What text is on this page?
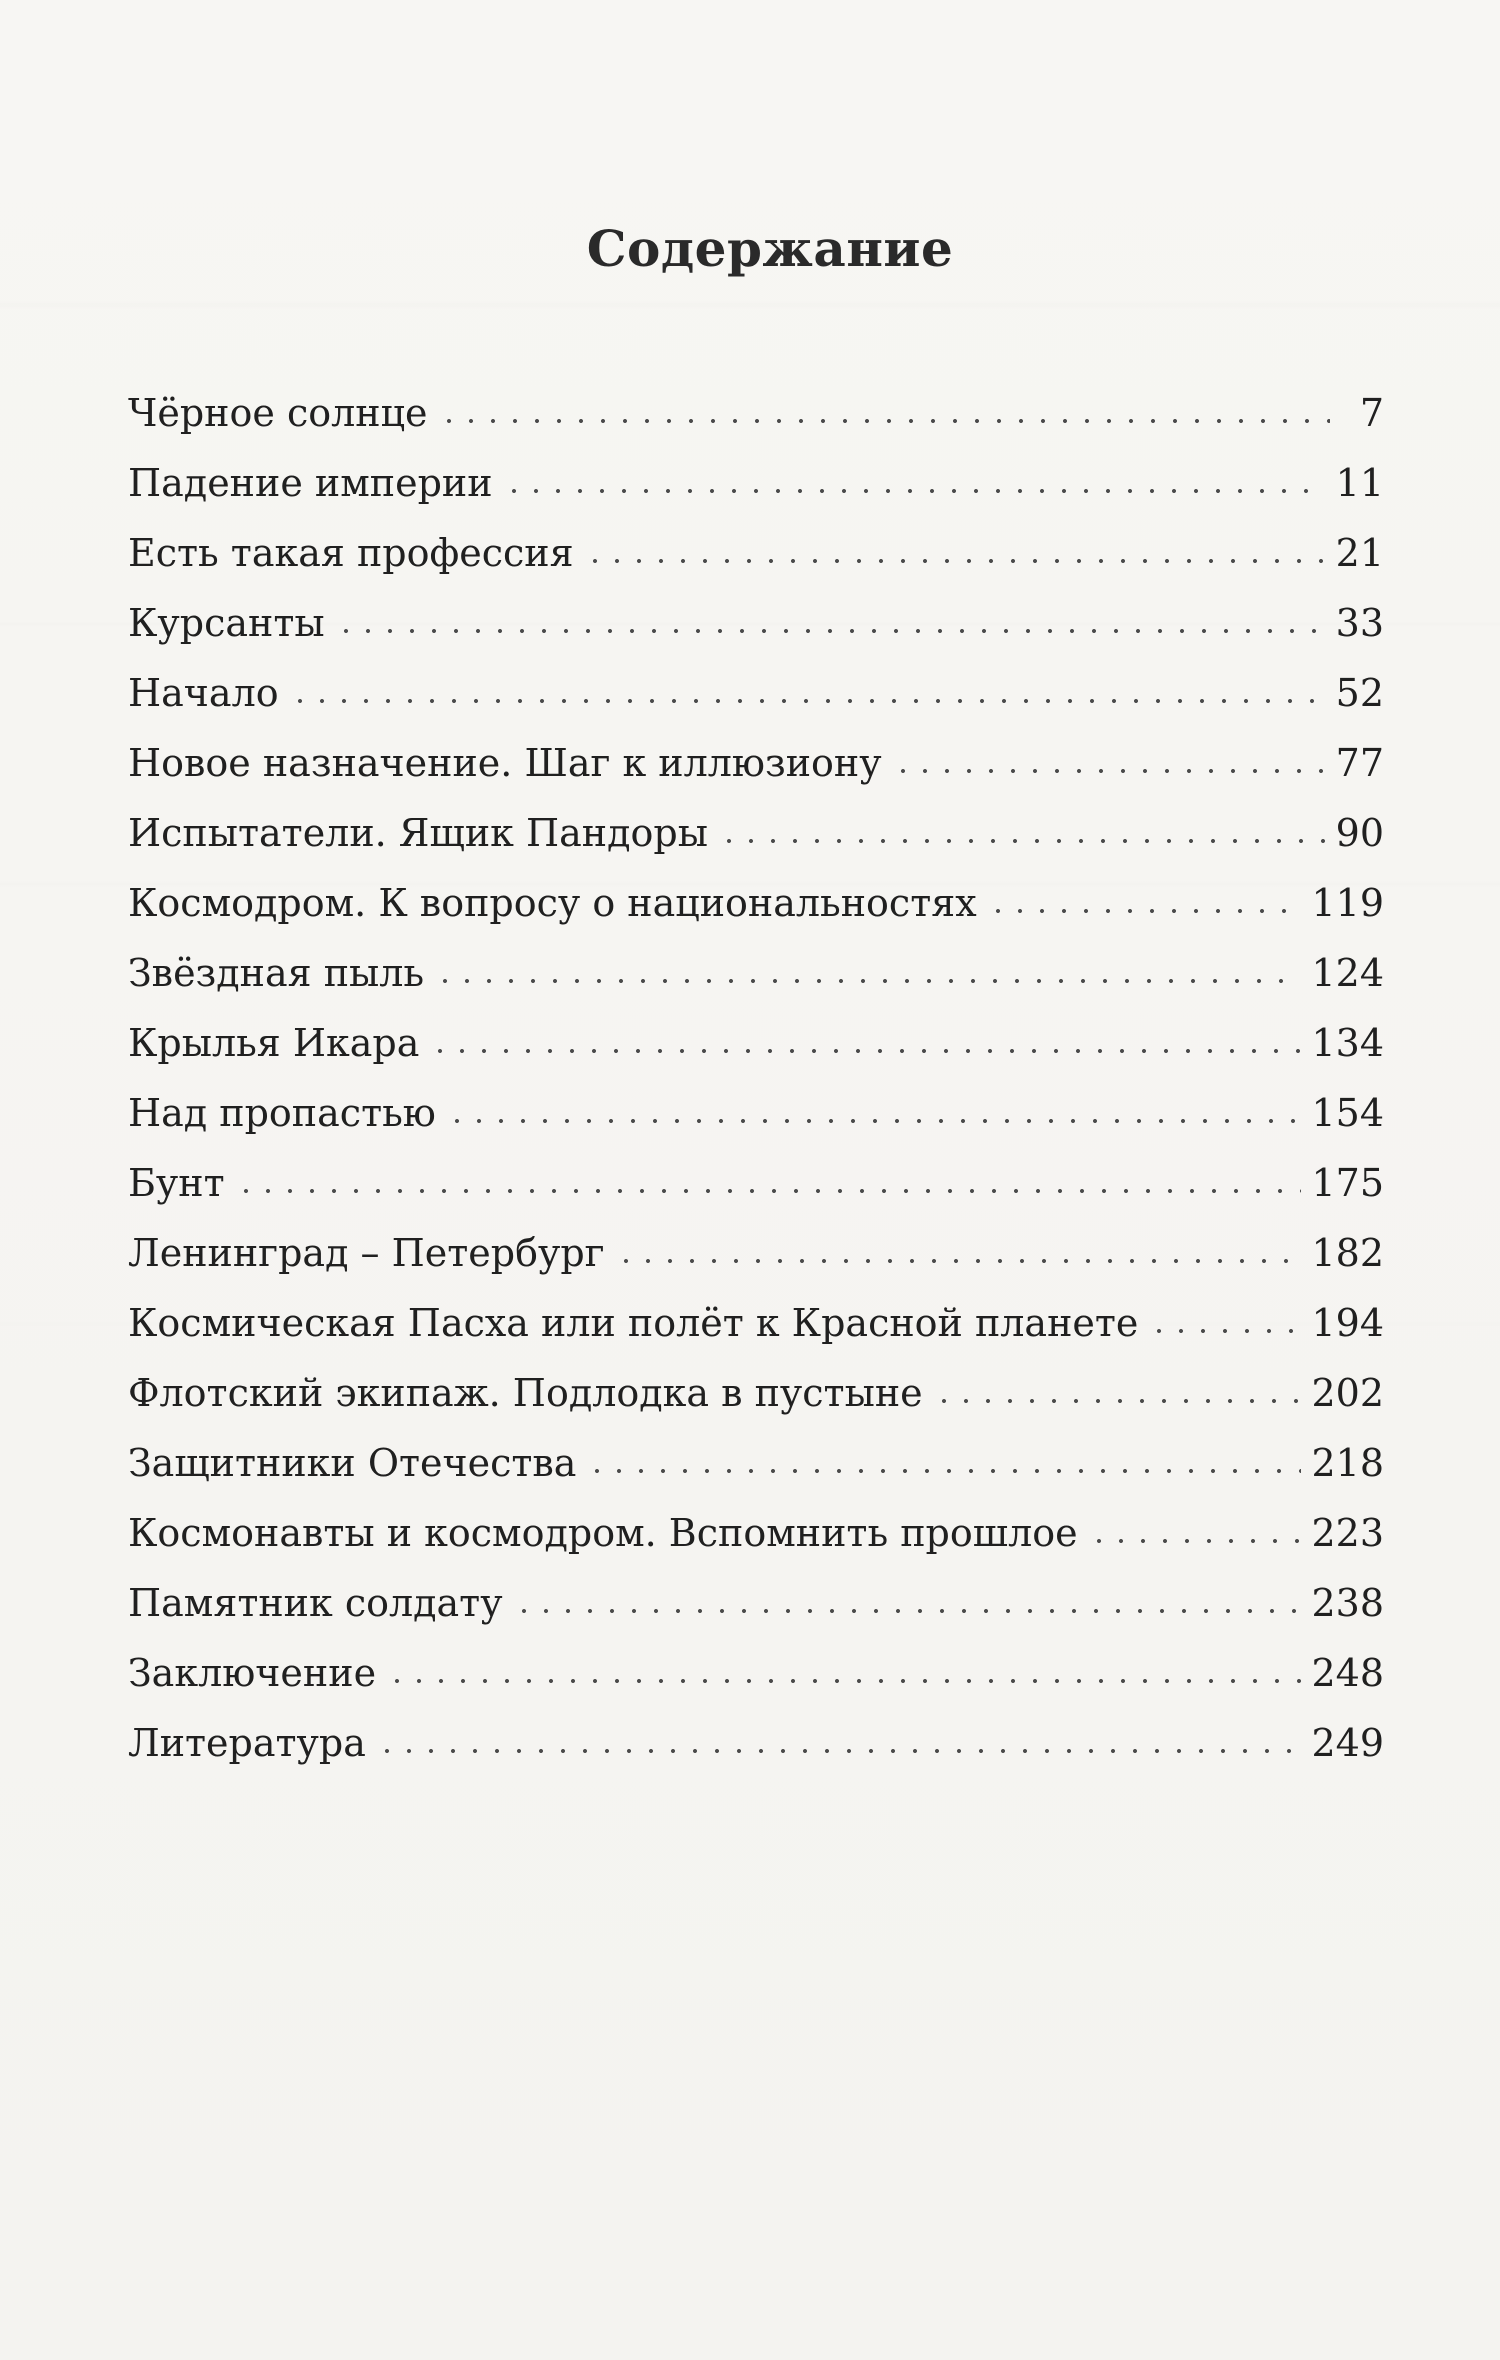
Содержание
Чёрное солнце	7
Падение империи	11
Есть такая профессия	21
Курсанты	33
Начало	52
Новое назначение. Шаг к иллюзиону	77
Испытатели. Ящик Пандоры	90
Космодром. К вопросу о национальностях	119
Звёздная пыль	124
Крылья Икара	134
Над пропастью	154
Бунт	175
Ленинград – Петербург	182
Космическая Пасха или полёт к Красной планете	194
Флотский экипаж. Подлодка в пустыне	202
Защитники Отечества	218
Космонавты и космодром. Вспомнить прошлое	223
Памятник солдату	238
Заключение	248
Литература	249
